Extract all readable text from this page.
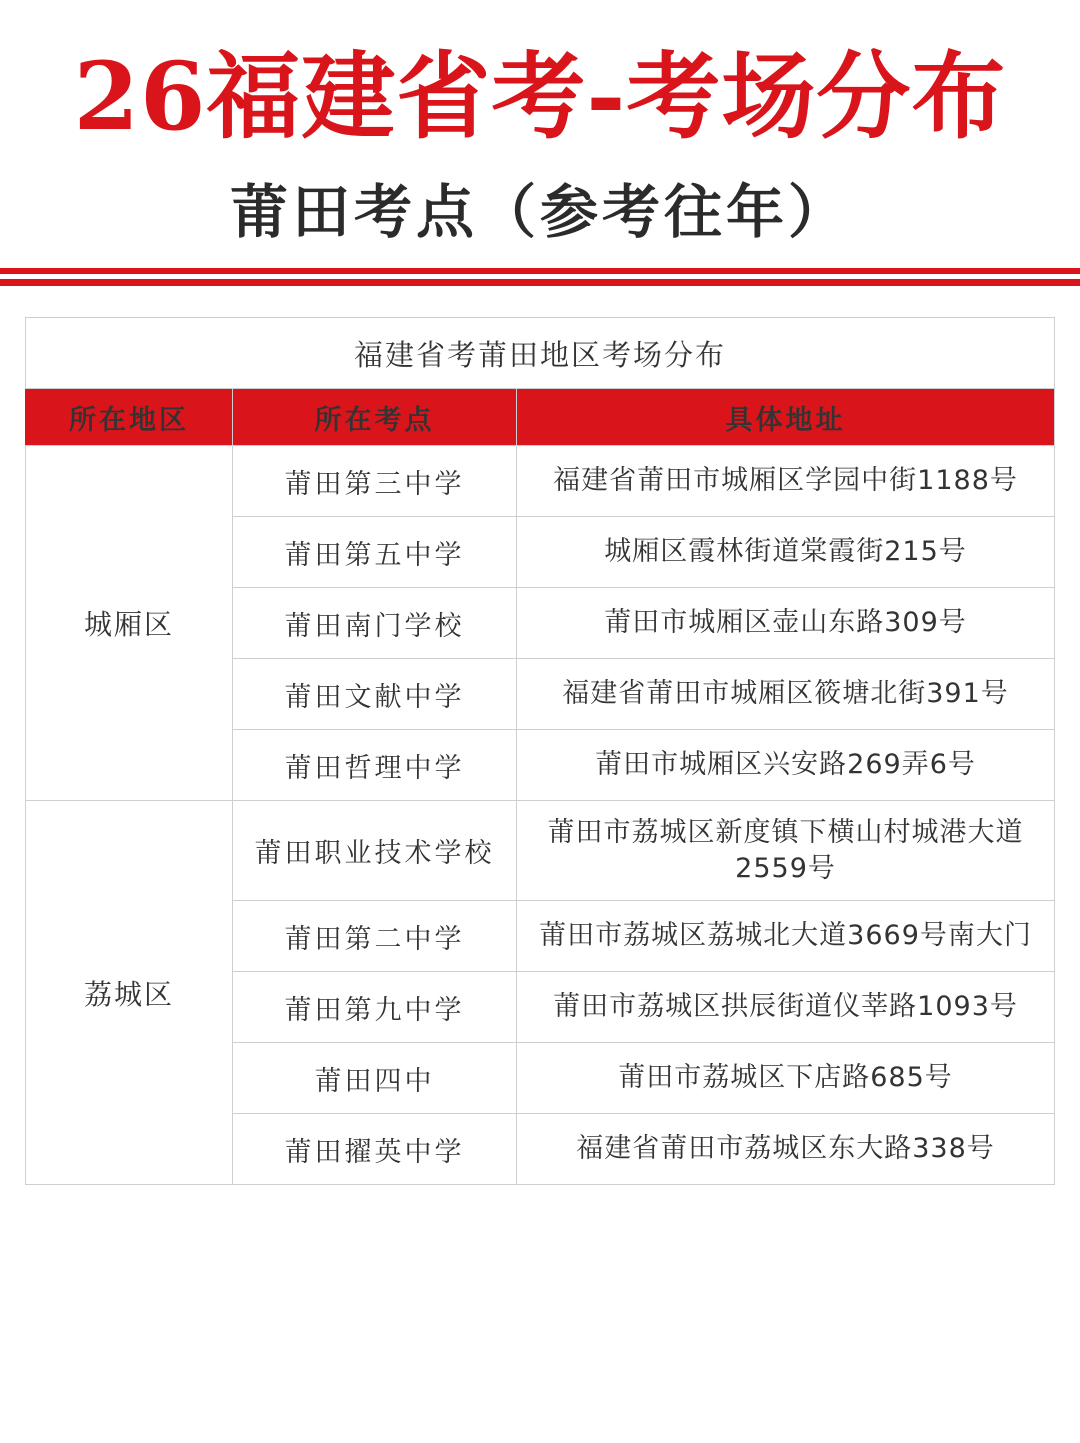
26福建省考-考场分布
莆田考点（参考往年）
福建省考莆田地区考场分布		
所在地区	所在考点	具体地址
城厢区	莆田第三中学	福建省莆田市城厢区学园中街1188号
	莆田第五中学	城厢区霞林街道棠霞街215号
	莆田南门学校	莆田市城厢区壶山东路309号
	莆田文献中学	福建省莆田市城厢区筱塘北街391号
	莆田哲理中学	莆田市城厢区兴安路269弄6号
荔城区	莆田职业技术学校	莆田市荔城区新度镇下横山村城港大道2559号
	莆田第二中学	莆田市荔城区荔城北大道3669号南大门
	莆田第九中学	莆田市荔城区拱辰街道仪莘路1093号
	莆田四中	莆田市荔城区下店路685号
	莆田擢英中学	福建省莆田市荔城区东大路338号
